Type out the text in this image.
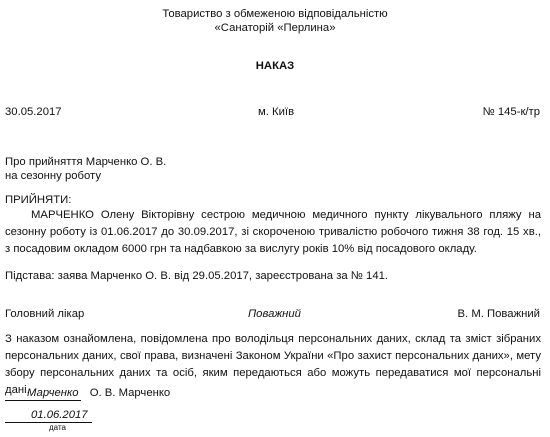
Товариство з обмеженою відповідальністю
«Санаторій «Перлина»
НАКАЗ
30.05.2017	м. Київ	№ 145-к/тр
Про прийняття Марченко О. В.
на сезонну роботу
ПРИЙНЯТИ:
МАРЧЕНКО Олену Вікторівну сестрою медичною медичного пункту лікувального пляжу на сезонну роботу із 01.06.2017 до 30.09.2017, зі скороченою тривалістю робочого тижня 38 год. 15 хв., з посадовим окладом 6000 грн та надбавкою за вислугу років 10% від посадового окладу.
Підстава: заява Марченко О. В. від 29.05.2017, зареєстрована за № 141.
Головний лікар	Поважний	В. М. Поважний
З наказом ознайомлена, повідомлена про володільця персональних даних, склад та зміст зібраних персональних даних, свої права, визначені Законом України «Про захист персональних даних», мету збору персональних даних та осіб, яким передаються або можуть передаватися мої персональні дані.
Марченко О. В. Марченко
01.06.2017
дата
